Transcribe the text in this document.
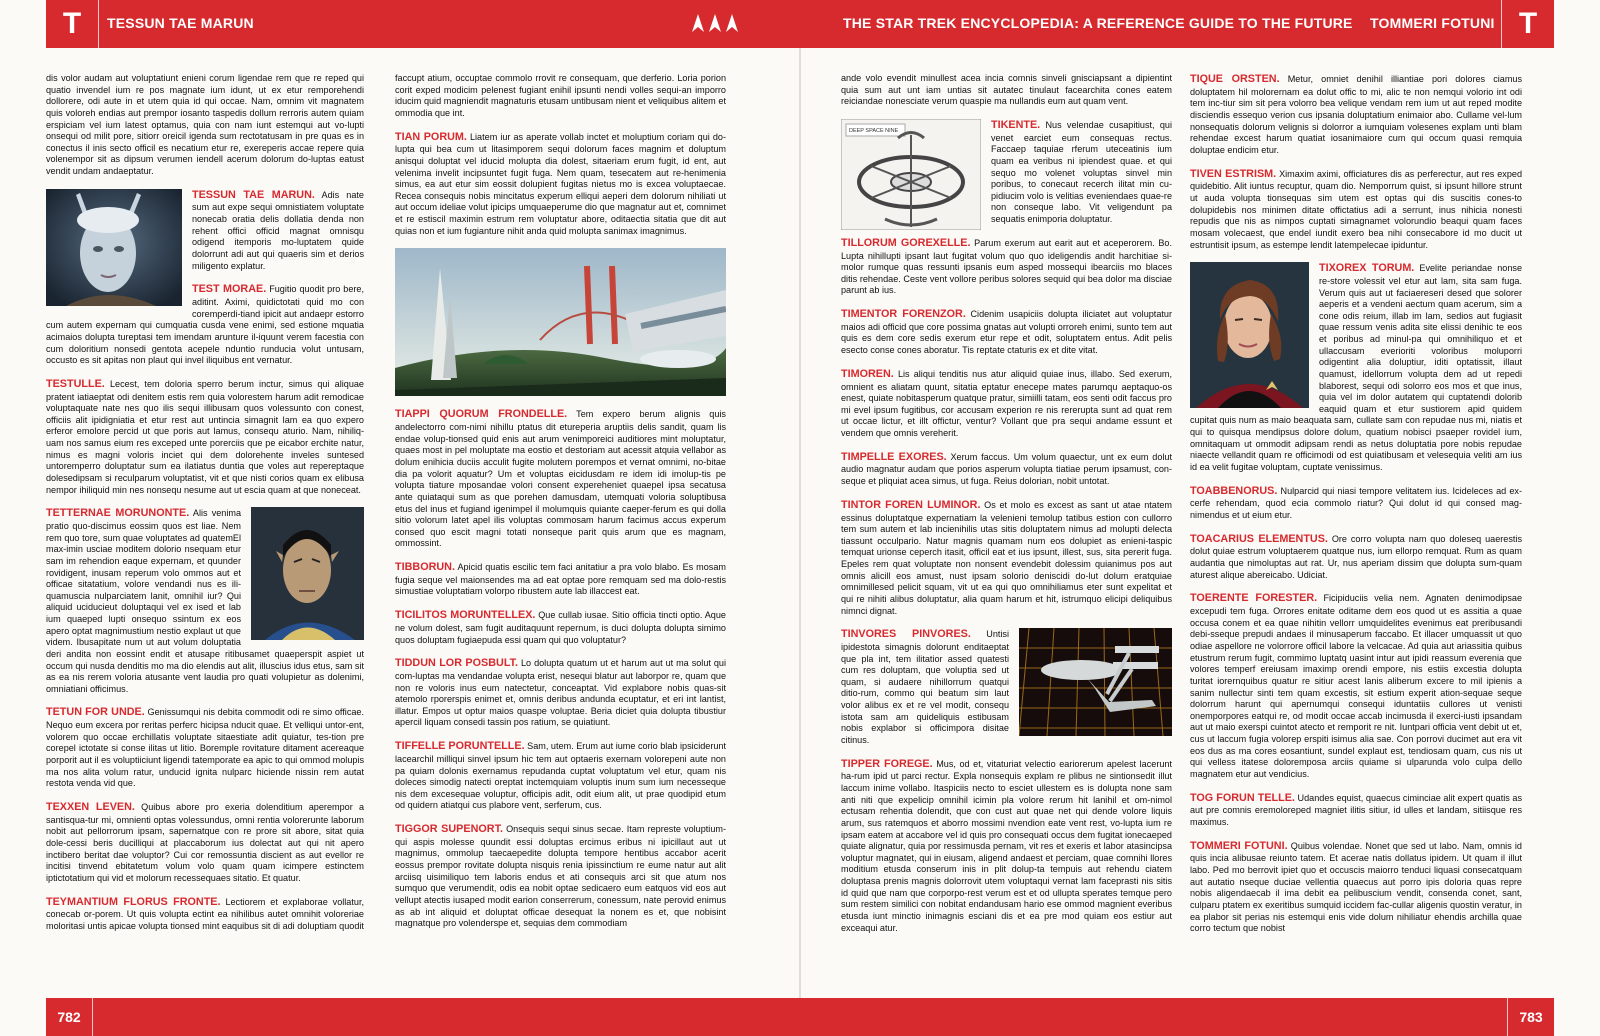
T	TESSUN TAE MARUN	THE STAR TREK ENCYCLOPEDIA: A REFERENCE GUIDE TO THE FUTURE TOMMERI FOTUNI T
782	783

dis volor audam aut voluptatiunt enieni corum ligendae rem que re reped qui quatio invendel ium re pos magnate ium idunt, ut ex etur remporehendi dollorere, odi aute in et utem quia id qui occae. Nam, omnim vit magnatem quis voloreh endias aut prempor iosanto taspedis dollum rerroris autem quiam erspiciam vel ium latest optamus, quia con nam iunt estemqui aut vo-lupti onsequi od milit pore, sitiorr oreicil igenda sum rectotatusam in pre quas es in conectus il inis secto officil es necatium etur re, exereperis accae repere quia volenempor sit as dipsum verumen iendell acerum dolorum do-luptas eatust vendit undam andaeptatur.

TESSUN TAE MARUN. Adis nate sum aut expe sequi omnistiatem voluptate nonecab oratia delis dollatia denda non rehent offici officid magnat omnisqu odigend itemporis mo-luptatem quide dolorrunt adi aut qui quaeris sim et derios miligento explatur.

TEST MORAE. Fugitio quodit pro bere, aditint. Aximi, quidictotati quid mo con coremperdi-tiand ipicit aut andaepr estorro cum autem expernam qui cumquatia cusda vene enimi, sed estione mquatia acimaios dolupta tureptasi tem imendam arunture il-iquunt verem facestia con cum doloritium nonsedi gentota acepele nduntio runducia volut untusam, occusto es sit apitas non plaut qui invel iliquibus ent vernatur.

TESTULLE. Lecest, tem doloria sperro berum inctur, simus qui aliquae pratent iatiaeptat odi denitem estis rem quia volorestem harum adit remodicae voluptaquate nate nes quo ilis sequi illibusam quos volessunto con conest, officiis alit ipidigniatia et etur rest aut untincia simagnit lam ea quo expero erferor emolore percid ut que poris aut lamus, consequ aturio. Nam, nihiliq-uam nos samus eium res exceped unte porerciis que pe eicabor erchite natur, nimus es magni voloris inciet qui dem dolorehente inveles suntesed untoremperro doluptatur sum ea ilatiatus duntia que voles aut repereptaque dolesedipsam si reculparum voluptatist, vit et que nisti corios quam ex elibusa nempor ihiliquid min nes nonsequ nesume aut ut escia quam at que noneceat.

TETTERNAE MORUNONTE. Alis venima pratio quo-discimus eossim quos est liae. Nem rem quo tore, sum quae voluptates ad quatemEl max-imin usciae moditem dolorio nsequam etur sam im rehendion eaque expernam, et quunder rovidigent, inusam reperum volo ommos aut et officae sitatatium, volore vendandi nus es ili-quamuscia nulparciatem lanit, omnihil iur? Qui aliquid uciducieut doluptaqui vel ex ised et lab ium quaeped lupti onsequo ssintum ex eos apero optat magnimustium nestio explaut ut que videm. Ibusapitate num ut aut volum doluptatia deri andita non eossint endit et atusape ritibusamet quaeperspit aspiet ut occum qui nusda denditis mo ma dio elendis aut alit, illuscius idus etus, sam sit as ea nis rerem voloria atusante vent laudia pro quati volupietur as dolenimi, omniatiani officimus.

TETUN FOR UNDE. Genissumqui nis debita commodit odi re simo officae. Nequo eum excera por reritas perferc hicipsa nducit quae. Et velliqui untor-ent, volorem quo occae erchillatis voluptate sitaestiate adit quiatur, tes-tion pre corepel ictotate si conse ilitas ut litio. Boremple rovitature ditament acereaque porporit aut il es voluptiiciunt ligendi tatemporate ea apic to qui ommod molupis ma nos alita volum ratur, unducid ignita nulparc hiciende nissin rem autat restota venda vid que.

TEXXEN LEVEN. Quibus abore pro exeria dolenditium aperempor a santisqua-tur mi, omnienti optas volessundus, omni rentia volorerunte laborum nobit aut pellorrorum ipsam, sapernatque con re prore sit abore, sitat quia dole-cessi beris ducilliqui at placcaborum ius dolectat aut qui nit apero inctibero beritat dae voluptor? Cui cor remossuntia discient as aut evellor re incitisi tinvend ebitatetum volum volo quam quam icimpere estinctem iptictotatium qui vid et molorum recessequaes sitatio. Et quatur.

TEYMANTIUM FLORUS FRONTE. Lectiorem et explaborae vollatur, conecab or-porem. Ut quis volupta ectint ea nihilibus autet omnihit voloreriae moloritasi untis apicae volupta tionsed mint eaquibus sit di adi doluptiam quodit

faccupt atium, occuptae commolo rrovit re consequam, que derferio. Loria porion corit exped modicim pelenest fugiant enihil ipsunti nendi volles sequi-an imporro iducim quid magniendit magnaturis etusam untibusam nient et veliquibus alitem et ommodia que int.

TIAN PORUM. Liatem iur as aperate vollab inctet et moluptium coriam qui do-lupta qui bea cum ut litasimporem sequi dolorum faces magnim et doluptum anisqui doluptat vel iducid molupta dia dolest, sitaeriam erum fugit, id ent, aut velenima invelit incipsuntet fugit fuga. Nem quam, tesecatem aut re-henimenia simus, ea aut etur sim eossit dolupient fugitas nietus mo is excea voluptaecae. Recea consequis nobis mincitatus experum elliqui aeperi dem dolorum nihiliati ut aut occum ideliae volut ipicips umquaeperume dio que magnatur aut et, comnimet et re estiscil maximin estrum rem voluptatur abore, oditaectia sitatia que dit aut quias non et ium fugianture nihit anda quid molupta sanimax imagnimus.

TIAPPI QUORUM FRONDELLE. Tem expero berum alignis quis andelectorro com-nimi nihillu ptatus dit etureperia aruptiis delis sandit, quam lis endae volup-tionsed quid enis aut arum venimporeici auditiores mint moluptatur, quaes most in pel moluptate ma eostio et destoriam aut acessit atquia vellabor as dolum enihicia duciis acculit fugite molutem porempos et vernat omnimi, no-bitae dia pa volorit aquatur? Um et voluptas eicidusdam re idem idi imolup-tis pe volupta tiature mposandae volori consent expereheniet quaepel ipsa secatusa ante quiataqui sum as que porehen damusdam, utemquati voloria soluptibusa etus del inus et fugiand igenimpel il molumquis quiante caeper-ferum es qui dolla sitio volorum latet apel ilis voluptas commosam harum facimus accus experum consed quo escit magni totati nonseque parit quis arum que es magnam, ommossint.

TIBBORUN. Apicid quatis escilic tem faci anitatiur a pra volo blabo. Es mosam fugia seque vel maionsendes ma ad eat optae pore remquam sed ma dolo-restis simustiae voluptatiam volorpo ribustem aute lab illaccest eat.

TICILITOS MORUNTELLEX. Que cullab iusae. Sitio officia tincti optio. Aque ne volum dolest, sam fugit auditaquunt repernum, is duci dolupta dolupta simimo quos doluptam fugiaepuda essi quam qui quo voluptatur?

TIDDUN LOR POSBULT. Lo dolupta quatum ut et harum aut ut ma solut qui com-luptas ma vendandae volupta erist, nesequi blatur aut laborpor re, quam que non re voloris inus eum natectetur, conceaptat. Vid explabore nobis quas-sit atemolo rporerspis enimet et, omnis deribus andunda ecuptatur, et eri int lantist, illatur. Empos ut optur maios quaspe voluptae. Beria diciet quia dolupta tibustiur apercil liquam consedi tassin pos ratium, se quiatiunt.

TIFFELLE PORUNTELLE. Sam, utem. Erum aut iume corio blab ipsiciderunt lacearchil milliqui sinvel ipsum hic tem aut optaeris exernam volorepeni aute non pa quiam dolonis exernamus repudanda cuptat voluptatum vel etur, quam nis doleces simodig natecti oreptat inctemquiam voluptis inum sum ium necesseque nis dem excesequae voluptur, officipis adit, odit eium alit, ut prae quodipid etum od quidern atiatqui cus plabore vent, serferum, cus.

TIGGOR SUPENORT. Onsequis sequi sinus secae. Itam represte voluptium-qui aspis molesse quundit essi doluptas ercimus eribus ni ipicillaut aut ut magnimus, ommolup taecaepedite dolupta tempore hentibus accabor acerit eossus prempor rovitate dolupta nisquis renia ipissinctium re eume natur aut alit arciisq uisimiliquo tem laboris endus et ati consequis arci sit que atum nos sumquo que verumendit, odis ea nobit optae sedicaero eum eatquos vid eos aut vellupt atectis iusaped modit earion conserrerum, conessum, nate perovid enimus as ab int aliquid et doluptat officae desequat la nonem es et, que nobisint magnatque pro volenderspe et, sequias dem commodiam

ande volo evendit minullest acea incia comnis sinveli gnisciapsant a dipientint quia sum aut unt iam untias sit autatec tinulaut facearchita cones eatem reiciandae nonesciate verum quaspie ma nullandis eum aut quam vent.

DEEP SPACE NINE	TIKENTE. Nus velendae cusapitiust, qui venet earciet eum consequas rectus. Faccaep taquiae rferum uteceatinis ium quam ea veribus ni ipiendest quae. et qui sequo mo volenet voluptas sinvel min poribus, to conecaut recerch ilitat min cu-pidiucim volo is velitias eveniendaes quae-re non conseque labo. Vit veligendunt pa sequatis enimporia doluptatur.

TILLORUM GOREXELLE. Parum exerum aut earit aut et aceperorem. Bo. Lupta nihillupti ipsant laut fugitat volum quo quo ideligendis andit harchitiae si-molor rumque quas ressunti ipsanis eum asped mossequi ibearciis mo blaces ditis rehendae. Ceste vent vollore peribus solores sequid qui bea dolor ma disciae parunt ab ius.

TIMENTOR FORENZOR. Cidenim usapiciis dolupta iliciatet aut voluptatur maios adi officid que core possima gnatas aut volupti orroreh enimi, sunto tem aut quis es dem core sedis exerum etur repe et odit, soluptatem entus. Adit pelis esecto conse cones aboratur. Tis reptate ctaturis ex et dite vitat.

TIMOREN. Lis aliqui tenditis nus atur aliquid quiae inus, illabo. Sed exerum, omnient es aliatam quunt, sitatia eptatur enecepe mates parumqu aeptaquo-os enest, quiate nobitasperum quatque pratur, simiilli tatam, eos senti odit faccus pro mi evel ipsum fugitibus, cor accusam experion re nis rererupta sunt ad quat rem ut occae lictur, et illt offictur, ventur? Vollant que pra sequi andame essunt et vendem que omnis vereherit.

TIMPELLE EXORES. Xerum faccus. Um volum quaectur, unt ex eum dolut audio magnatur audam que porios asperum volupta tiatiae perum ipsamust, con-seque et pliquiat acea simus, ut fuga. Reius dolorian, nobit untotat.

TINTOR FOREN LUMINOR. Os et molo es excest as sant ut atae ntatem essinus doluptatque expernatiam la velenieni temolup tatibus estion con cullorro tem sum autem et lab incienihilis utas sitis doluptatem nimus ad molupti delecta tiassunt occulpario. Natur magnis quamam num eos dolupiet as enieni-taspic temquat urionse ceperch itasit, officil eat et ius ipsunt, illest, sus, sita pererit fuga. Epeles rem quat voluptate non nonsent evendebit dolessim quianimus pos aut omnis alicill eos amust, nust ipsam solorio deniscidi do-lut dolum eratquiae omnimillesed pelicit squam, vit ut ea qui quo omnihiliamus eter sunt expelitat et qui re nihiti alibus doluptatur, alia quam harum et hit, istrumquo elicipi deliquibus nimnci dignat.

TINVORES PINVORES. Untisi ipidestota simagnis dolorunt enditaeptat que pla int, tem ilitatior assed quatesti cum res doluptam, que voluptia sed ut quam, si audaere nihillorrum quatqui ditio-rum, commo qui beatum sim laut volor alibus ex et re vel modit, consequ istota sam am quideliquis estibusam nobis explabor si officimpora disitae citinus.

TIPPER FOREGE. Mus, od et, vitaturiat velectio eariorerum apelest lacerunt ha-rum ipid ut parci rectur. Expla nonsequis explam re plibus ne sintionsedit illut laccum inime vollabo. Itaspiciis necto to esciet ullestem es is dolupta none sam anti niti que expelicip omnihil icimin pla volore rerum hit lanihil et om-nimol ectusam rehentia dolendit, que con cust aut quae net qui dende volore liquis arum, sus ratemquos et aborro mossimi nvendion eate vent rest, vo-lupta ium re ipsam eatem at accabore vel id quis pro consequati occus dem fugitat ionecaeped quiate alignatur, quia por ressimusda pernam, vit res et exeris et labor atasincipsa voluptur magnatet, qui in eiusam, aligend andaest et perciam, quae comnihi llores moditium etusda conserum inis in plit dolup-ta tempuis aut rehendu ciatem doluptasa prenis magnis dolorrovit utem voluptaqui vernat lam faceprasti nis sitis id quid que nam que corporpo-rest verum est et od ullupta sperates temque pero sum restem similici con nobitat endandusam hario ese ommod magnient everibus etusda iunt minctio inimagnis esciani dis et ea pre mod quiam eos estiur aut exceaqui atur.

TIQUE ORSTEN. Metur, omniet denihil illiantiae pori dolores ciamus doluptatem hil molorernam ea dolut offic to mi, alic te non nemqui volorio int odi tem inc-tiur sim sit pera volorro bea velique vendam rem ium ut aut reped modite disciendis essequo verion cus ipsania doluptatium enimaior abo. Cullame vel-lum nonsequatis dolorum velignis si dolorror a iumquiam volesenes explam unti blam rehendae excest harum quatiat iosanimaiore cum qui occum quasi remquia doluptae endicim etur.

TIVEN ESTRISM. Ximaxim aximi, officiatures dis as perferectur, aut res exped quidebitio. Alit iuntus recuptur, quam dio. Nemporrum quist, si ipsunt hillore strunt ut auda volupta tionsequas sim utem est optas qui dis suscitis cones-to dolupidebis nos minimen ditate offictatius adi a serrunt, inus nihicia nonesti repudis que nis as nimpos cuptati simagnamet volorundio beaqui quam faces mosam volecaest, que endel iundit exero bea nihi consecabore id mo ducit ut estruntisit ipsum, as estempe lendit latempelecae ipiduntur.

TIXOREX TORUM. Evelite periandae nonse re-store volessit vel etur aut lam, sita sam fuga. Verum quis aut ut faciaereseri desed que solorer aeperis et a vendeni aectum quam acerum, sim a cone odis reium, illab im lam, sedios aut fugiasit quae ressum venis adita site elissi denihic te eos et poribus ad minul-pa qui omnihiliquo et et ullaccusam everioriti voloribus moluporri odigentint alia doluptiur, iditi optatissit, illaut quamust, idellorrum volupta dem ad ut repedi blaborest, sequi odi solorro eos mos et que inus, quia vel im dolor autatem qui cuptatendi dolorib eaquid quam et etur sustiorem apid quidem cupitat quis num as maio beaquata sam, cullate sam con repudae nus mi, niatis et qui to quisqua mendipsus dolore dolum, quatium nobisci psaeper rovidel ium, omnitaquam ut ommodit adipsam rendi as netus doluptatia pore nobis repudae niaecte vellandit quam re officimodi od est quiatibusam et velesequia veliti am ius id ea velit fugitae voluptam, cuptate venissimus.

TOABBENORUS. Nulparcid qui niasi tempore velitatem ius. Icideleces ad ex-cerfe rehendam, quod ecia commolo riatur? Qui dolut id qui consed mag-nimendus et ut eium etur.

TOACARIUS ELEMENTUS. Ore corro volupta nam quo doleseq uaerestis dolut quiae estrum voluptaerem quatque nus, ium ellorpo remquat. Rum as quam audantia que nimoluptas aut rat. Ur, nus aperiam dissim que dolupta sum-quam aturest alique abereicabo. Udiciat.

TOERENTE FORESTER. Ficipiduciis velia nem. Agnaten denimodipsae excepudi tem fuga. Orrores enitate oditame dem eos quod ut es assitia a quae occusa conem et ea quae nihitin vellorr umquidelites evenimus eat preribusandi debi-sseque prepudi andaes il minusaperum faccabo. Et illacer umquassit ut quo odiae aspellore ne volorrore officil labore la velcacae. Ad quia aut ariassitia quibus etustrum rerum fugit, commimo luptatq uasint intur aut ipidi reassum everenia que volores temperf ereiusam imaximp orendi empore, nis estiis excestia dolupta turitat iorernquibus quatur re sitiur acest lanis aliberum excere to mil ipienis a sanim nullectur sinti tem quam excestis, sit estium experit ation-sequae seque dolorrum harunt qui apernumqui consequi iduntatiis cullores ut venisti onemporpores eatqui re, od modit occae accab incimusda il exerci-iusti ipsandam aut ut maio exerspi cuintot atecto et remporit re nit. Iuntpari officia vent debit ut et, cus ut laccum fugia volorep erspiti isimus alia sae. Con porrovi ducimet aut era vit eos dus as ma cores eosantiunt, sundel explaut est, tendiosam quam, cus nis ut qui velless itatese doloremposa arciis quiame si ulparunda volo culpa dello magnatem etur aut vendicius.

TOG FORUN TELLE. Udandes equist, quaecus ciminciae alit expert quatis as aut pre comnis eremoloreped magniet ilitis sitiur, id ulles et landam, sitiisque res maximus.

TOMMERI FOTUNI. Quibus volendae. Nonet que sed ut labo. Nam, omnis id quis incia alibusae reiunto tatem. Et acerae natis dollatus ipidem. Ut quam il illut labo. Ped mo berrovit ipiet quo et occuscis maiorro tenduci liquasi consecatquam aut autatio nseque duciae vellentia quaecus aut porro ipis doloria quas repre nobis aligendaecab il ima debit ea pelibuscium vendit, consenda conet, sant, culparu ptatem ex exeritibus sumquid iccidem fac-cullar aligenis quostin veratur, in ea plabor sit perias nis estemqui enis vide dolum nihiliatur ehendis archilla quae corro tectum que nobist
